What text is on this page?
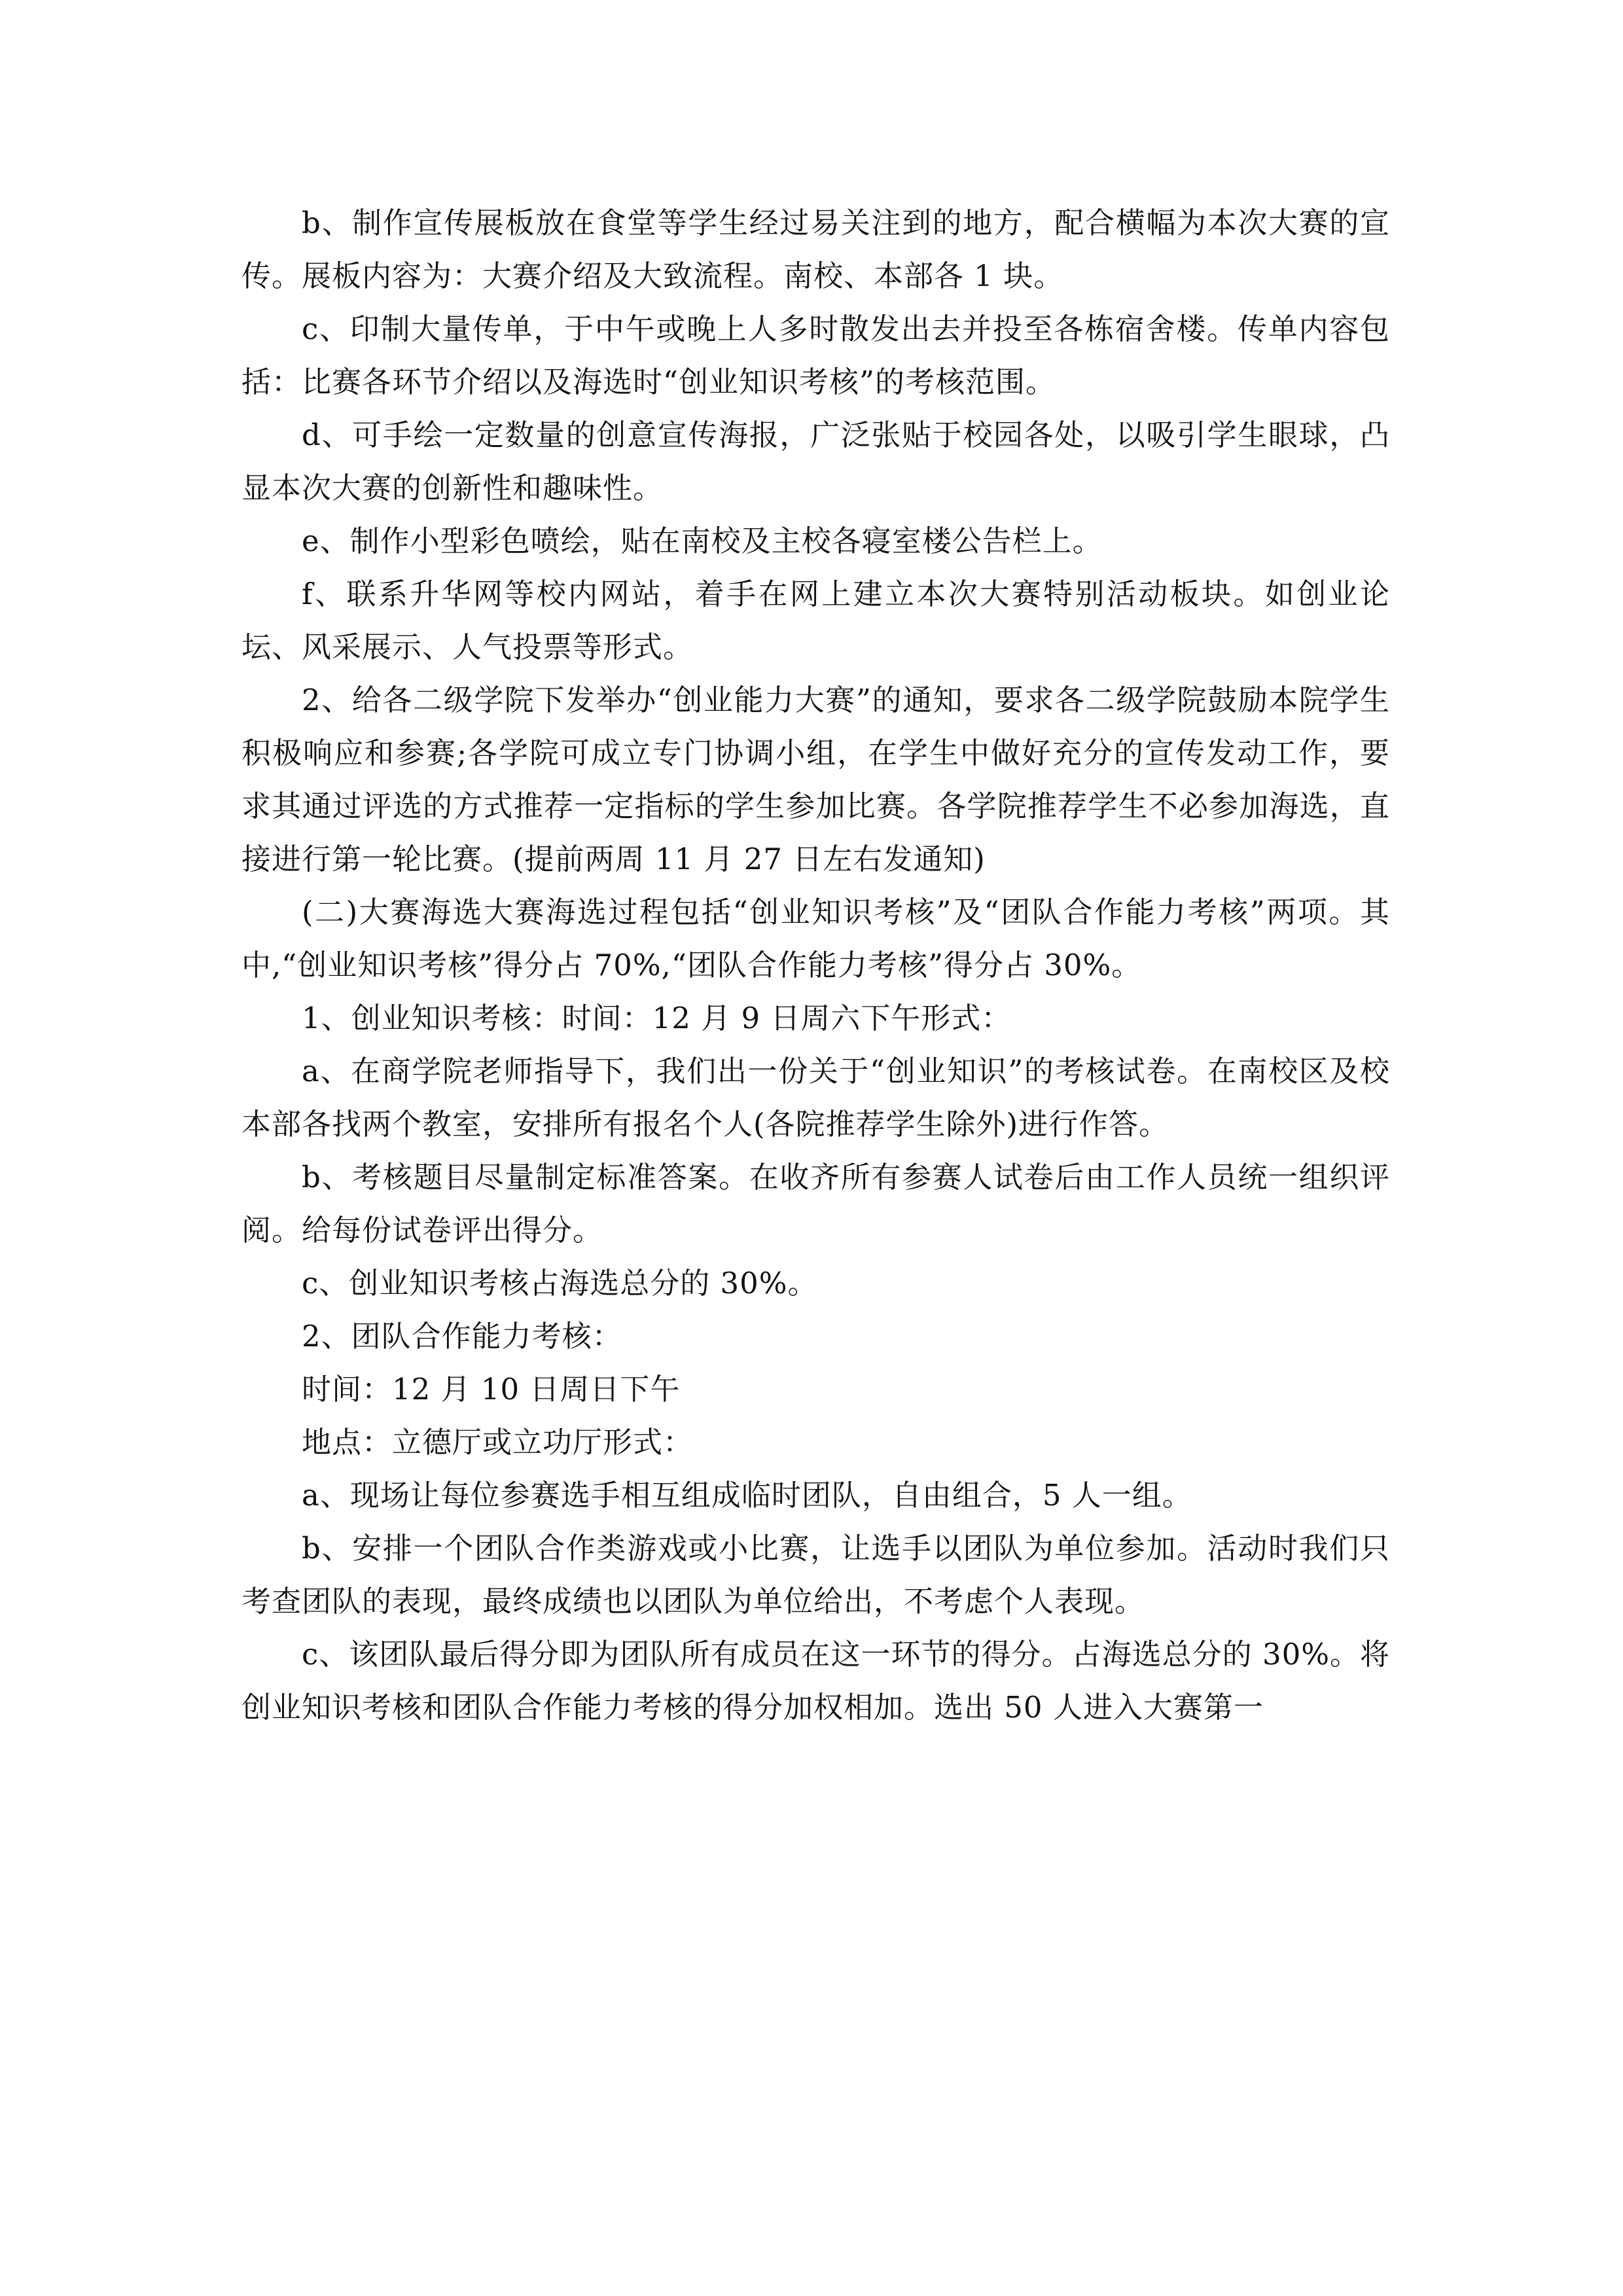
b、制作宣传展板放在食堂等学生经过易关注到的地方，配合横幅为本次大赛的宣传。展板内容为：大赛介绍及大致流程。南校、本部各 1 块。

c、印制大量传单，于中午或晚上人多时散发出去并投至各栋宿舍楼。传单内容包括：比赛各环节介绍以及海选时“创业知识考核”的考核范围。

d、可手绘一定数量的创意宣传海报，广泛张贴于校园各处，以吸引学生眼球，凸显本次大赛的创新性和趣味性。

e、制作小型彩色喷绘，贴在南校及主校各寝室楼公告栏上。

f、联系升华网等校内网站，着手在网上建立本次大赛特别活动板块。如创业论坛、风采展示、人气投票等形式。

2、给各二级学院下发举办“创业能力大赛”的通知，要求各二级学院鼓励本院学生积极响应和参赛;各学院可成立专门协调小组，在学生中做好充分的宣传发动工作，要求其通过评选的方式推荐一定指标的学生参加比赛。各学院推荐学生不必参加海选，直接进行第一轮比赛。(提前两周 11 月 27 日左右发通知)

(二)大赛海选大赛海选过程包括“创业知识考核”及“团队合作能力考核”两项。其中,“创业知识考核”得分占 70%,“团队合作能力考核”得分占 30%。

1、创业知识考核：时间：12 月 9 日周六下午形式：

a、在商学院老师指导下，我们出一份关于“创业知识”的考核试卷。在南校区及校本部各找两个教室，安排所有报名个人(各院推荐学生除外)进行作答。

b、考核题目尽量制定标准答案。在收齐所有参赛人试卷后由工作人员统一组织评阅。给每份试卷评出得分。

c、创业知识考核占海选总分的 30%。

2、团队合作能力考核：

时间：12 月 10 日周日下午

地点：立德厅或立功厅形式：

a、现场让每位参赛选手相互组成临时团队，自由组合，5 人一组。

b、安排一个团队合作类游戏或小比赛，让选手以团队为单位参加。活动时我们只考查团队的表现，最终成绩也以团队为单位给出，不考虑个人表现。

c、该团队最后得分即为团队所有成员在这一环节的得分。占海选总分的 30%。将创业知识考核和团队合作能力考核的得分加权相加。选出 50 人进入大赛第一
